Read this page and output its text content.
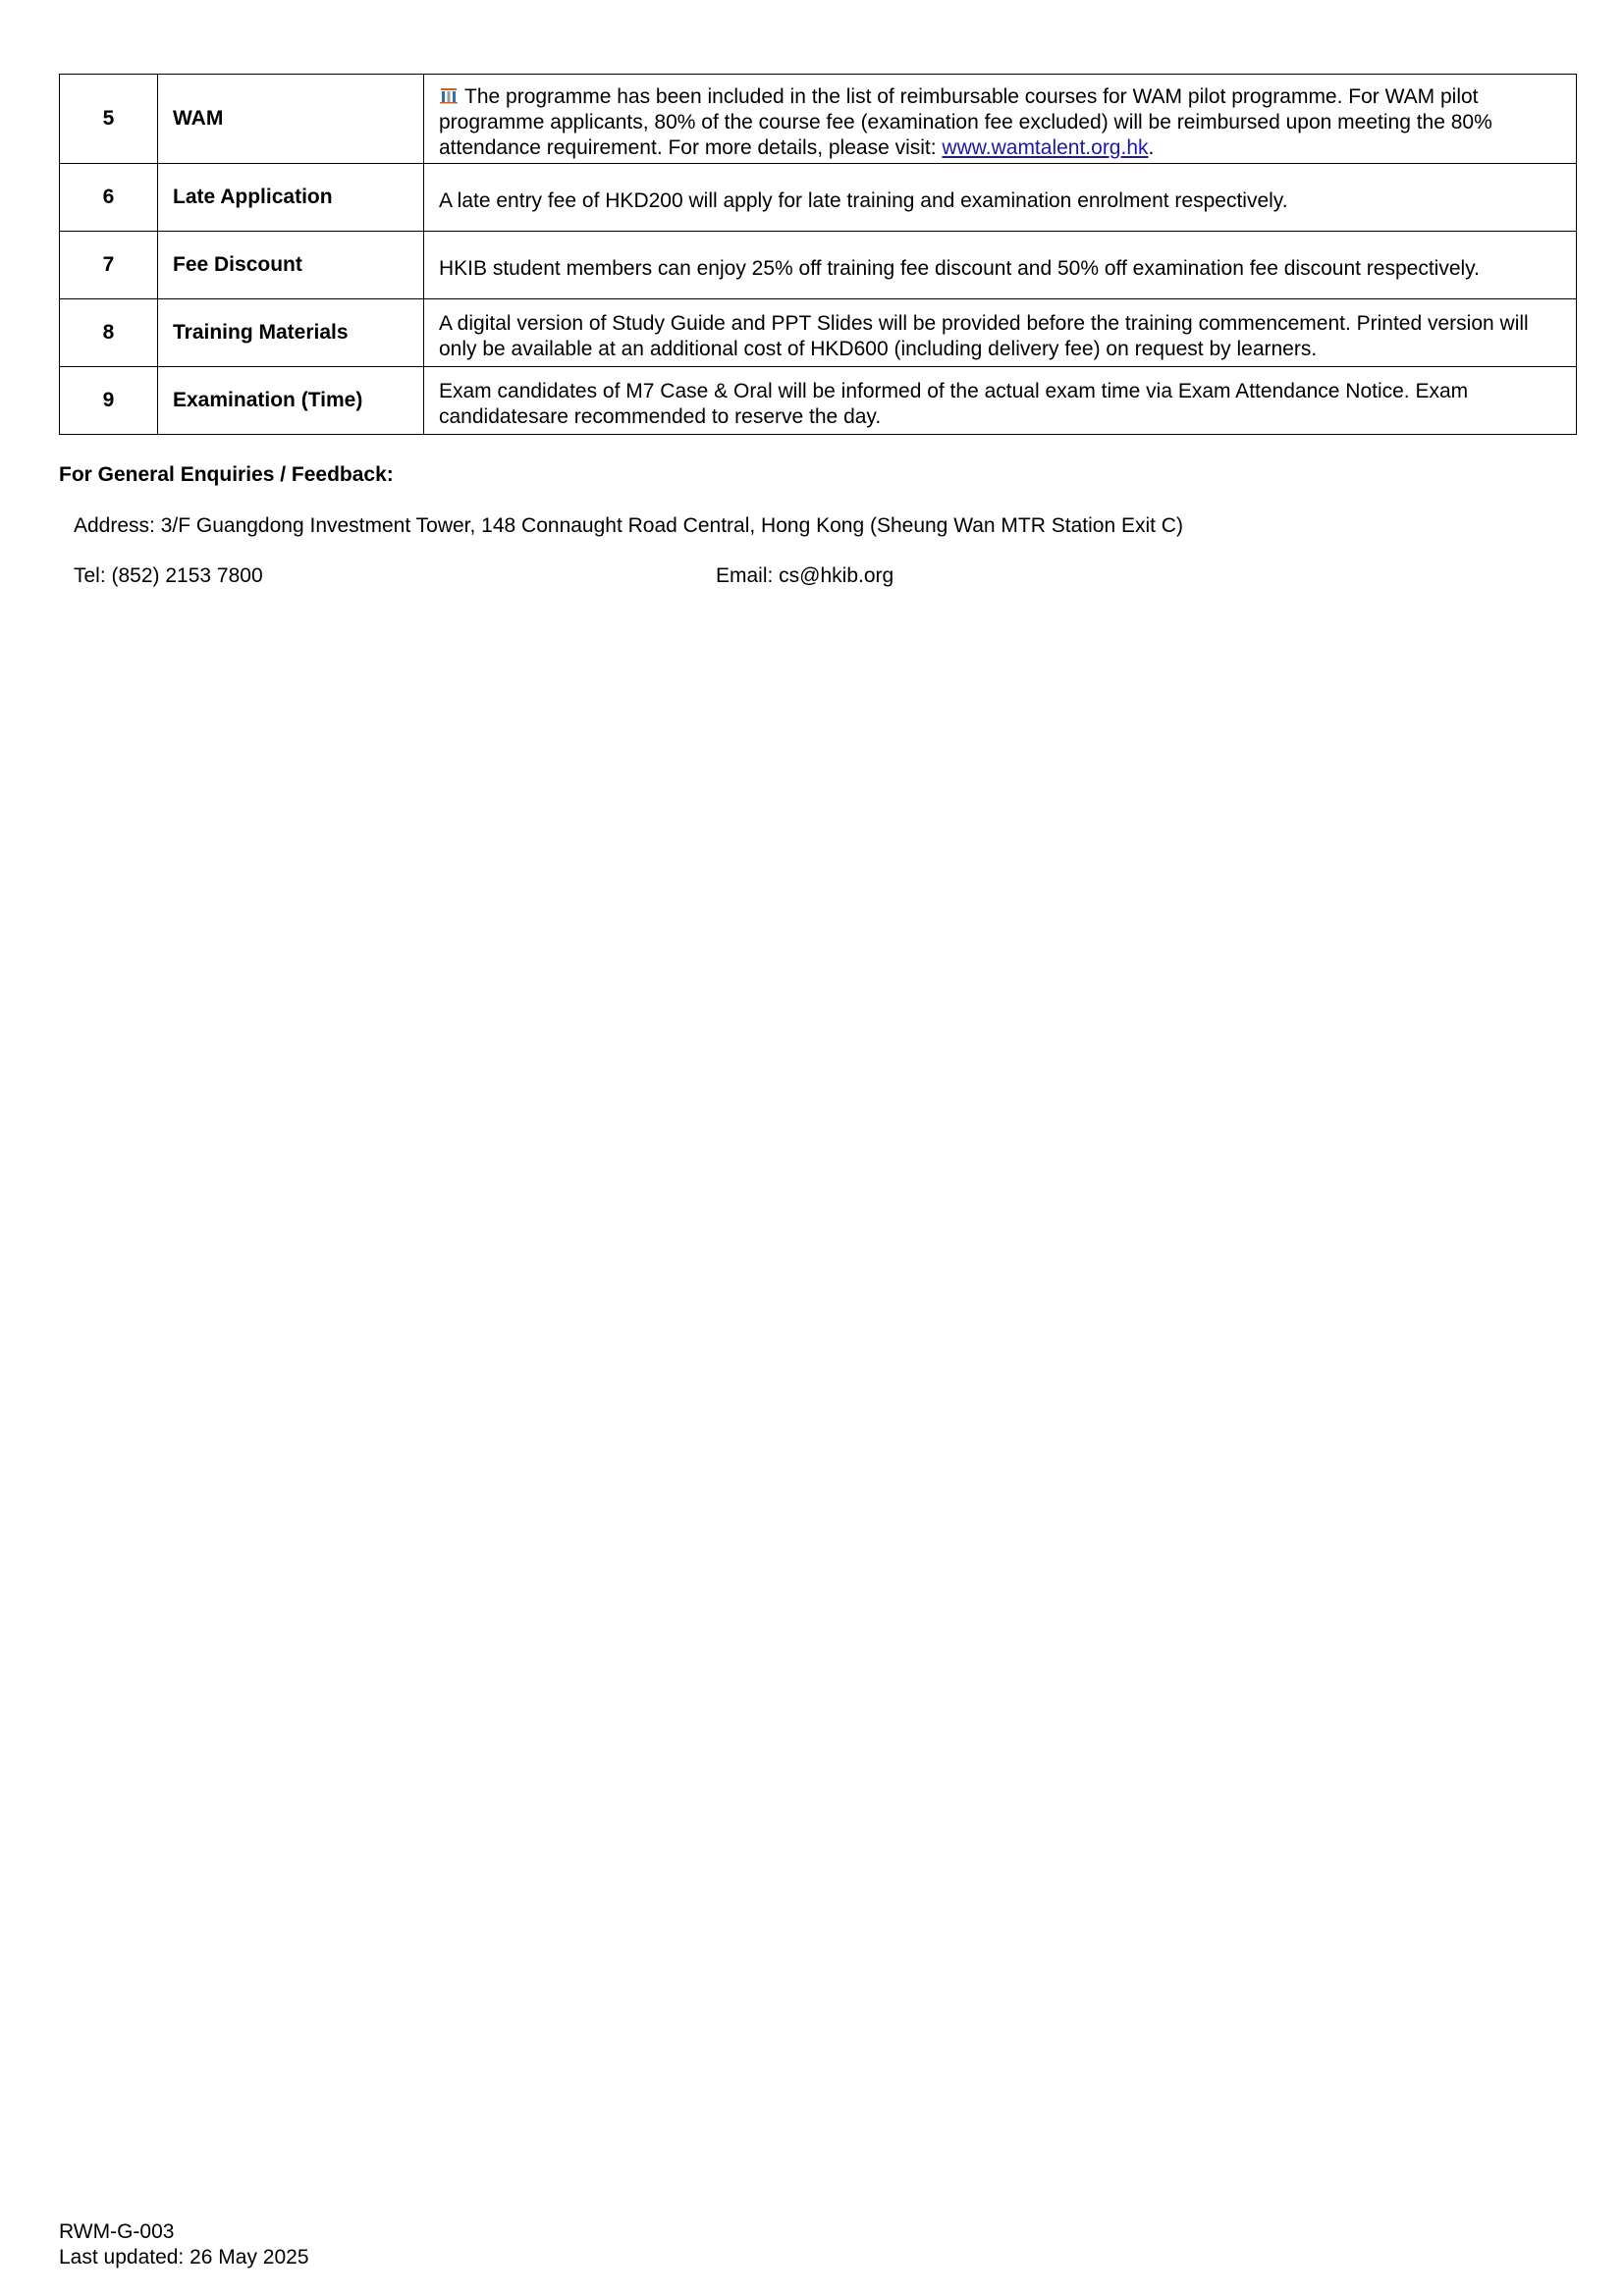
5	WAM	The programme has been included in the list of reimbursable courses for WAM pilot programme. For WAM pilot programme applicants, 80% of the course fee (examination fee excluded) will be reimbursed upon meeting the 80% attendance requirement. For more details, please visit: www.wamtalent.org.hk.
6	Late Application	A late entry fee of HKD200 will apply for late training and examination enrolment respectively.
7	Fee Discount	HKIB student members can enjoy 25% off training fee discount and 50% off examination fee discount respectively.
8	Training Materials	A digital version of Study Guide and PPT Slides will be provided before the training commencement. Printed version will only be available at an additional cost of HKD600 (including delivery fee) on request by learners.
9	Examination (Time)	Exam candidates of M7 Case & Oral will be informed of the actual exam time via Exam Attendance Notice. Exam candidatesare recommended to reserve the day.
For General Enquiries / Feedback:
Address: 3/F Guangdong Investment Tower, 148 Connaught Road Central, Hong Kong (Sheung Wan MTR Station Exit C)
Tel: (852) 2153 7800	Email: cs@hkib.org
RWM-G-003
Last updated: 26 May 2025
